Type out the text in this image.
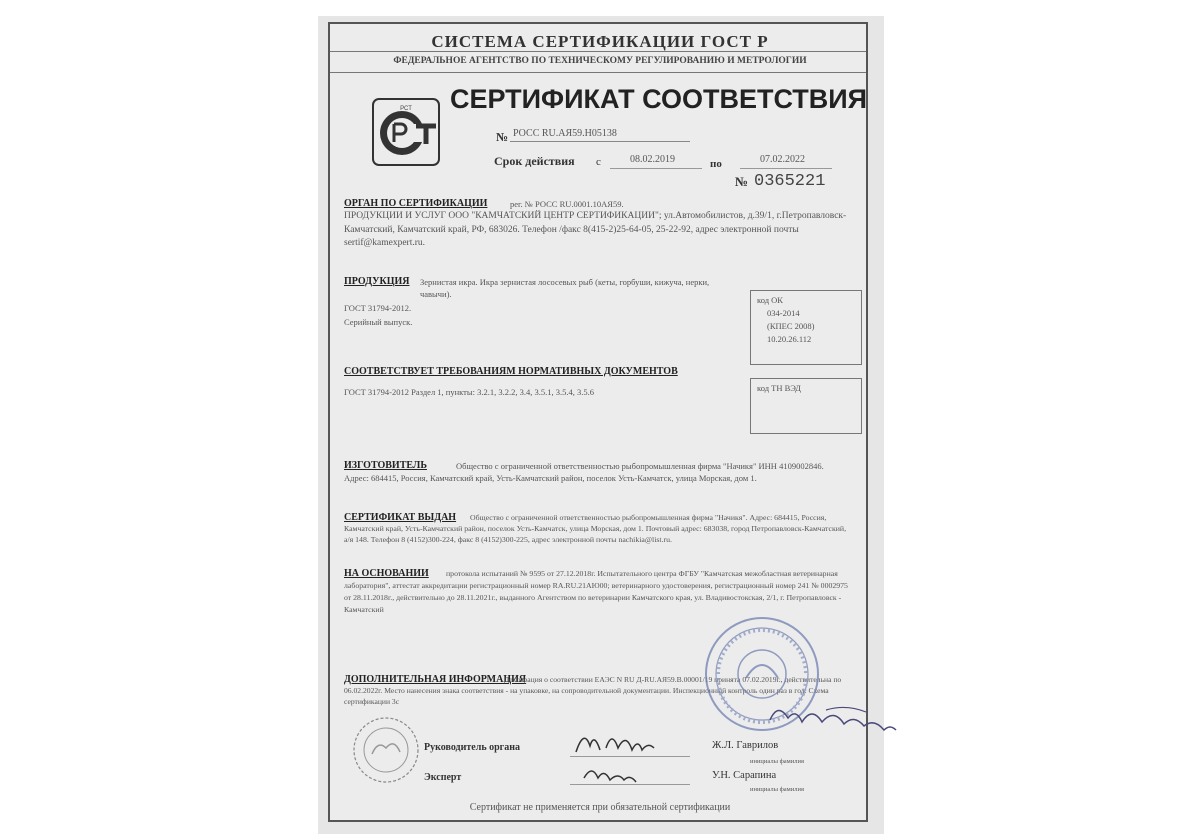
СИСТЕМА СЕРТИФИКАЦИИ ГОСТ Р
ФЕДЕРАЛЬНОЕ АГЕНТСТВО ПО ТЕХНИЧЕСКОМУ РЕГУЛИРОВАНИЮ И МЕТРОЛОГИИ
РСТ СЕРТИФИКАТ СООТВЕТСТВИЯ
№ РОСС RU.АЯ59.Н05138
Срок действия с	08.02.2019	по	07.02.2022
№ 0365221
ОРГАН ПО СЕРТИФИКАЦИИ	рег. № РОСС RU.0001.10АЯ59.
ПРОДУКЦИИ И УСЛУГ ООО "КАМЧАТСКИЙ ЦЕНТР СЕРТИФИКАЦИИ"; ул.Автомобилистов, д.39/1, г.Петропавловск-Камчатский, Камчатский край, РФ, 683026. Телефон /факс 8(415-2)25-64-05, 25-22-92, адрес электронной почты sertif@kamexpert.ru.
ПРОДУКЦИЯ Зернистая икра. Икра зернистая лососевых рыб (кеты, горбуши, кижуча, нерки, чавычи).
ГОСТ 31794-2012.
Серийный выпуск.
код ОК
034-2014
(КПЕС 2008)
10.20.26.112
СООТВЕТСТВУЕТ ТРЕБОВАНИЯМ НОРМАТИВНЫХ ДОКУМЕНТОВ
ГОСТ 31794-2012 Раздел 1, пункты: 3.2.1, 3.2.2, 3.4, 3.5.1, 3.5.4, 3.5.6	код ТН ВЭД
ИЗГОТОВИТЕЛЬ	Общество с ограниченной ответственностью рыбопромышленная фирма "Начикя" ИНН 4109002846. Адрес: 684415, Россия, Камчатский край, Усть-Камчатский район, поселок Усть-Камчатск, улица Морская, дом 1.
СЕРТИФИКАТ ВЫДАН	Общество с ограниченной ответственностью рыбопромышленная фирма "Начикя". Адрес: 684415, Россия, Камчатский край, Усть-Камчатский район, поселок Усть-Камчатск, улица Морская, дом 1. Почтовый адрес: 683038, город Петропавловск-Камчатский, а/я 148. Телефон 8 (4152)300-224, факс 8 (4152)300-225, адрес электронной почты nachikia@list.ru.
НА ОСНОВАНИИ	протокола испытаний № 9595 от 27.12.2018г. Испытательного центра ФГБУ "Камчатская межобластная ветеринарная лаборатория", аттестат аккредитации регистрационный номер RA.RU.21АЮ00; ветеринарного удостоверения, регистрационный номер 241 № 0002975 от 28.11.2018г., действительно до 28.11.2021г., выданного Агентством по ветеринарии Камчатского края, ул. Владивостокская, 2/1, г. Петропавловск - Камчатский
ДОПОЛНИТЕЛЬНАЯ ИНФОРМАЦИЯ
Декларация о соответствии ЕАЭС N RU Д-RU.АЯ59.В.00001/19 принята 07.02.2019г., действительна по 06.02.2022г. Место нанесения знака соответствия - на упаковке, на сопроводительной документации. Инспекционный контроль один раз в год. Схема сертификации 3с
Руководитель органа	Ж.Л. Гаврилов
инициалы фамилия
Эксперт	У.Н. Сарапина
инициалы фамилия
Сертификат не применяется при обязательной сертификации
